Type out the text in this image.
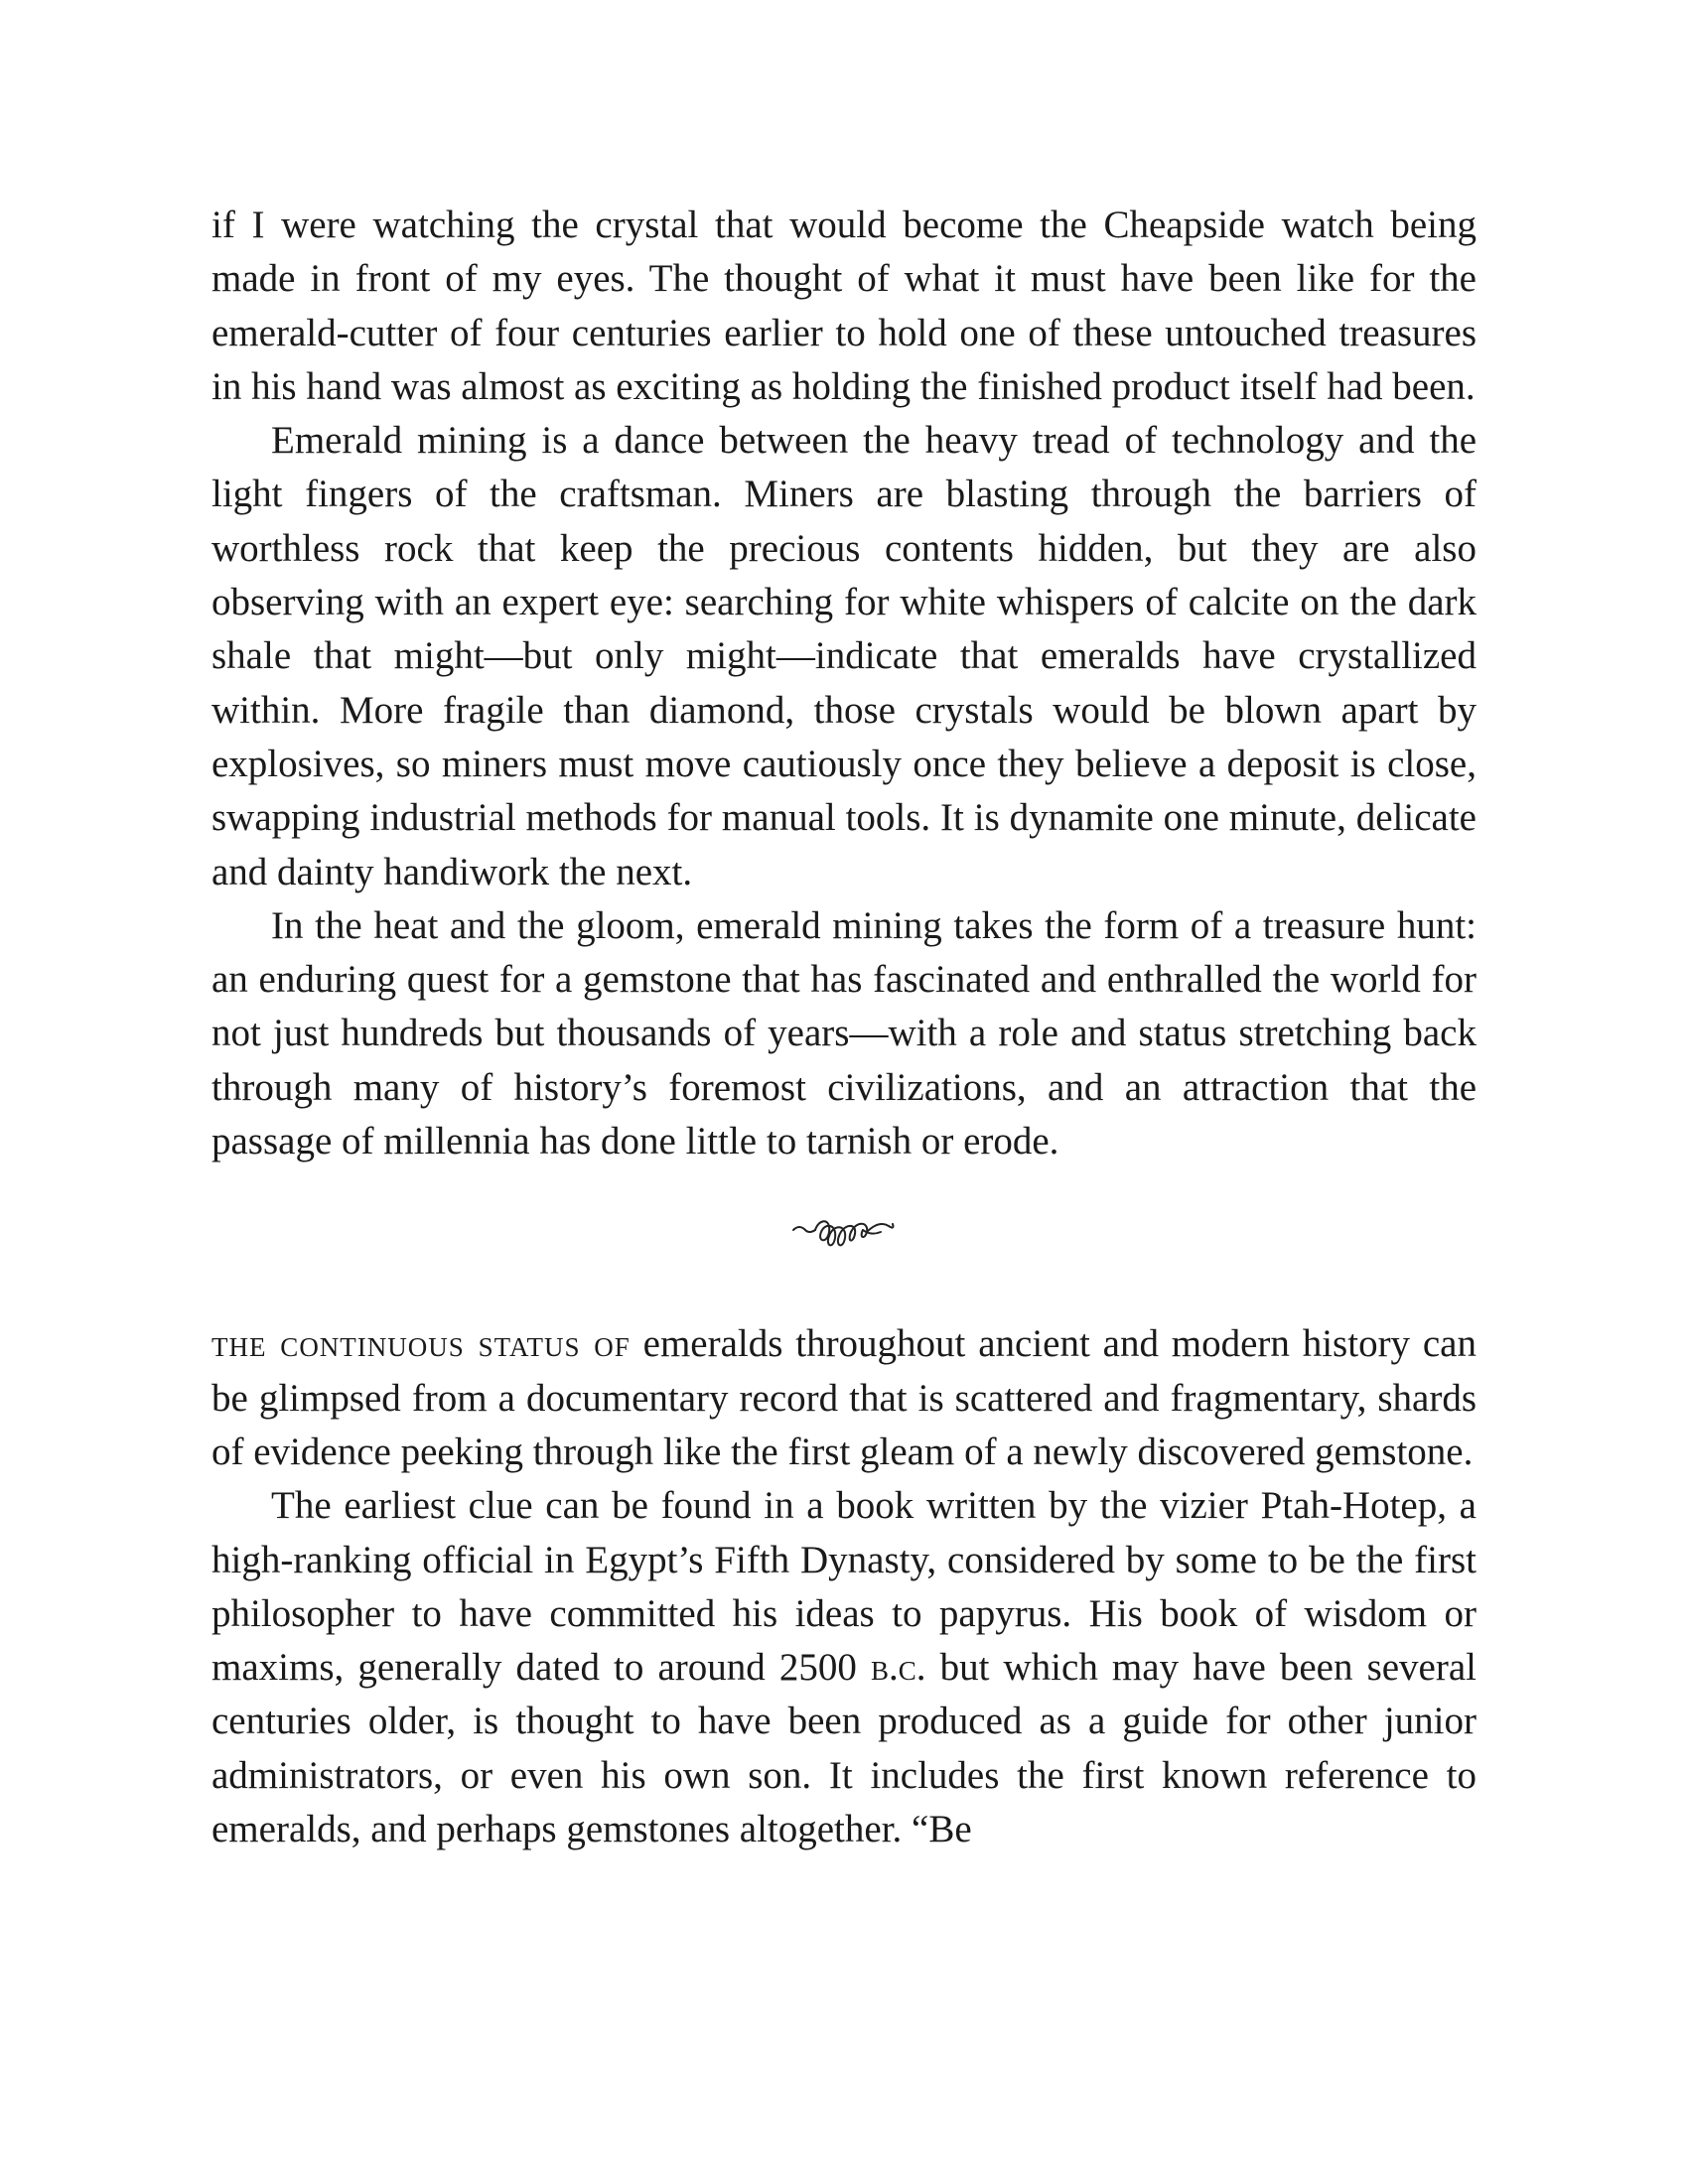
if I were watching the crystal that would become the Cheapside watch being made in front of my eyes. The thought of what it must have been like for the emerald-cutter of four centuries earlier to hold one of these untouched treasures in his hand was almost as exciting as holding the finished product itself had been.

Emerald mining is a dance between the heavy tread of technology and the light fingers of the craftsman. Miners are blasting through the barriers of worthless rock that keep the precious contents hidden, but they are also observing with an expert eye: searching for white whispers of calcite on the dark shale that might—but only might—indicate that emeralds have crystallized within. More fragile than diamond, those crystals would be blown apart by explosives, so miners must move cautiously once they believe a deposit is close, swapping industrial methods for manual tools. It is dynamite one minute, delicate and dainty handiwork the next.

In the heat and the gloom, emerald mining takes the form of a treasure hunt: an enduring quest for a gemstone that has fascinated and enthralled the world for not just hundreds but thousands of years—with a role and status stretching back through many of history’s foremost civilizations, and an attraction that the passage of millennia has done little to tarnish or erode.

the continuous status of emeralds throughout ancient and modern history can be glimpsed from a documentary record that is scattered and fragmentary, shards of evidence peeking through like the first gleam of a newly discovered gemstone.

The earliest clue can be found in a book written by the vizier Ptah-Hotep, a high-ranking official in Egypt’s Fifth Dynasty, considered by some to be the first philosopher to have committed his ideas to papyrus. His book of wisdom or maxims, generally dated to around 2500 b.c. but which may have been several centuries older, is thought to have been produced as a guide for other junior administrators, or even his own son. It includes the first known reference to emeralds, and perhaps gemstones altogether. “Be
